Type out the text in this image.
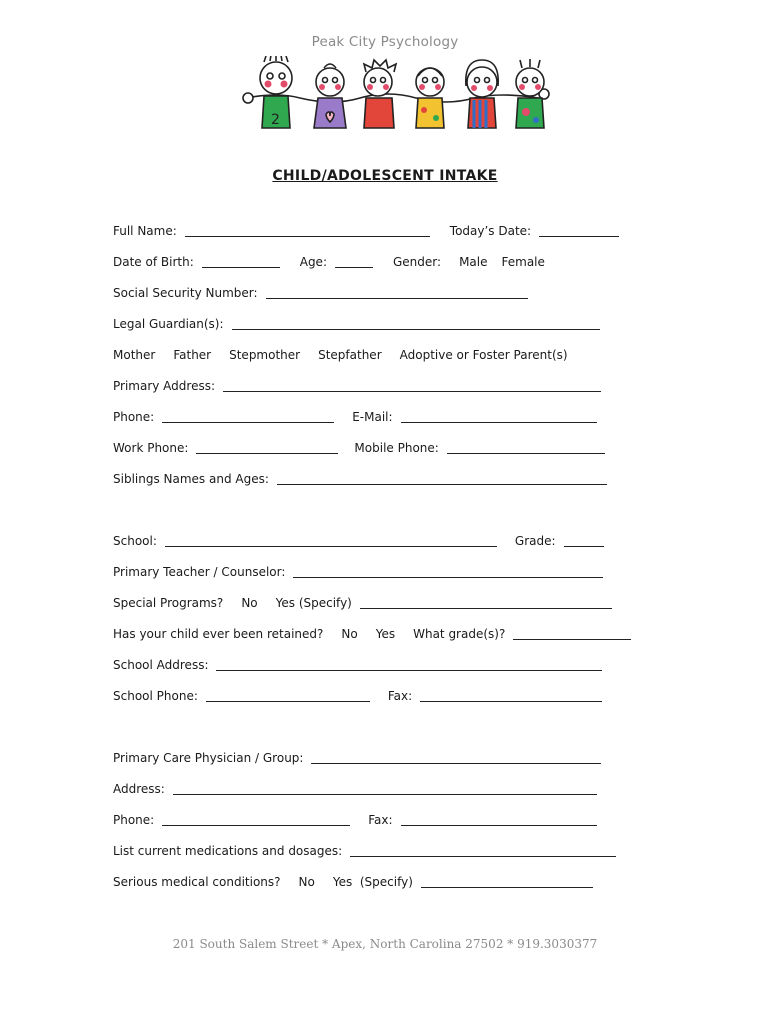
Peak City Psychology
2
CHILD/ADOLESCENT INTAKE
Full Name:	Today’s Date:
Date of Birth:	Age:	Gender: Male Female
Social Security Number:
Legal Guardian(s):
Mother Father Stepmother Stepfather Adoptive or Foster Parent(s)
Primary Address:
Phone:	E-Mail:
Work Phone:	Mobile Phone:
Siblings Names and Ages:
School:	Grade:
Primary Teacher / Counselor:
Special Programs? No Yes (Specify)
Has your child ever been retained? No Yes What grade(s)?
School Address:
School Phone:	Fax:
Primary Care Physician / Group:
Address:
Phone:	Fax:
List current medications and dosages:
Serious medical conditions? No Yes  (Specify)
201 South Salem Street * Apex, North Carolina 27502 * 919.3030377
